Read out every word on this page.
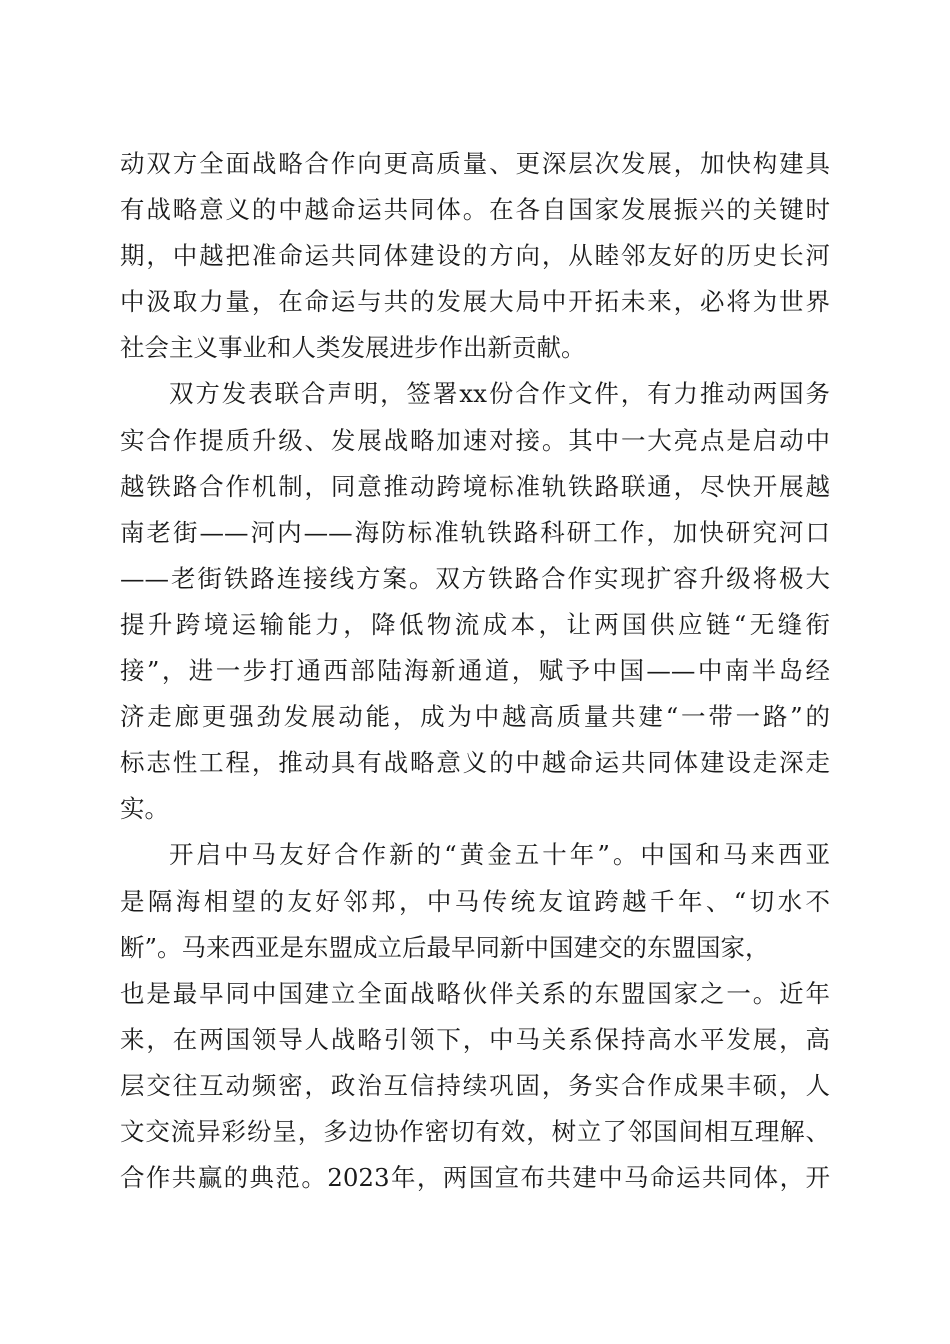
动双方全面战略合作向更高质量、更深层次发展，加快构建具
有战略意义的中越命运共同体。在各自国家发展振兴的关键时
期，中越把准命运共同体建设的方向，从睦邻友好的历史长河
中汲取力量，在命运与共的发展大局中开拓未来，必将为世界
社会主义事业和人类发展进步作出新贡献。
双方发表联合声明，签署xx份合作文件，有力推动两国务
实合作提质升级、发展战略加速对接。其中一大亮点是启动中
越铁路合作机制，同意推动跨境标准轨铁路联通，尽快开展越
南老街——河内——海防标准轨铁路科研工作，加快研究河口
——老街铁路连接线方案。双方铁路合作实现扩容升级将极大
提升跨境运输能力，降低物流成本，让两国供应链“无缝衔
接”，进一步打通西部陆海新通道，赋予中国——中南半岛经
济走廊更强劲发展动能，成为中越高质量共建“一带一路”的
标志性工程，推动具有战略意义的中越命运共同体建设走深走
实。
开启中马友好合作新的“黄金五十年”。中国和马来西亚
是隔海相望的友好邻邦，中马传统友谊跨越千年、“切水不
断”。马来西亚是东盟成立后最早同新中国建交的东盟国家，
也是最早同中国建立全面战略伙伴关系的东盟国家之一。近年
来，在两国领导人战略引领下，中马关系保持高水平发展，高
层交往互动频密，政治互信持续巩固，务实合作成果丰硕，人
文交流异彩纷呈，多边协作密切有效，树立了邻国间相互理解、
合作共赢的典范。2023年，两国宣布共建中马命运共同体，开
